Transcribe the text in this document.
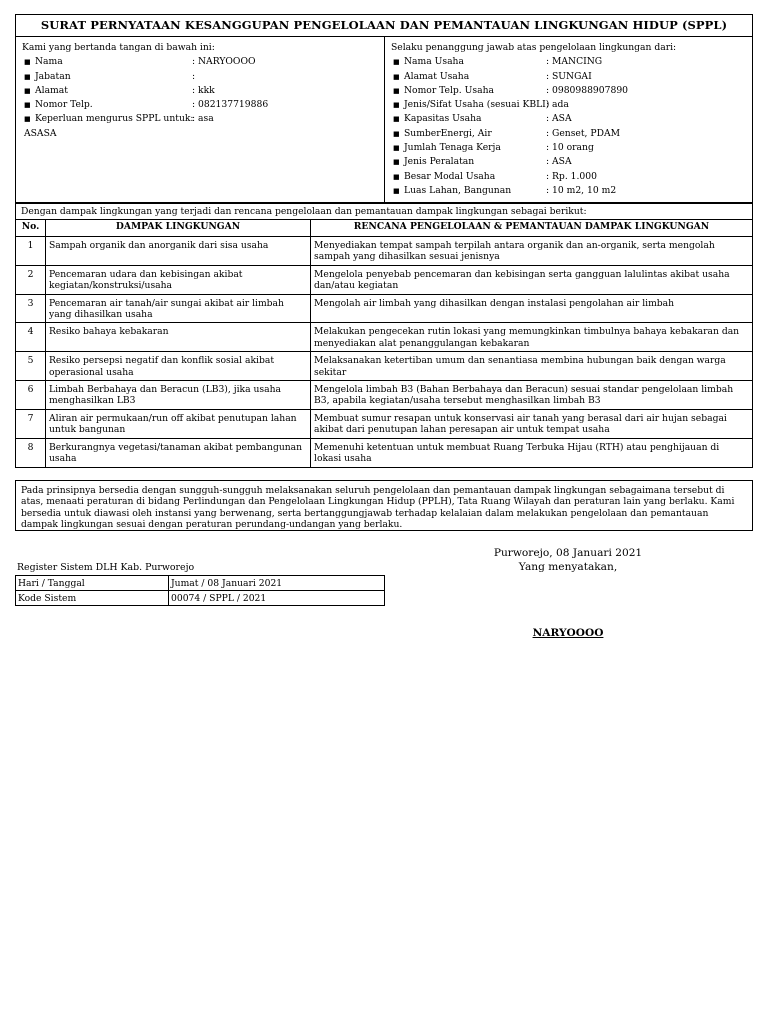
SURAT PERNYATAAN KESANGGUPAN PENGELOLAAN DAN PEMANTAUAN LINGKUNGAN HIDUP (SPPL)
Kami yang bertanda tangan di bawah ini:
■ Nama	: NARYOOOO
■ Jabatan	:
■ Alamat	: kkk
■ Nomor Telp.	: 082137719886
■ Keperluan mengurus SPPL untuk:
: asa
ASASA
Selaku penanggung jawab atas pengelolaan lingkungan dari:
■ Nama Usaha	: MANCING
■ Alamat Usaha	: SUNGAI
■ Nomor Telp. Usaha	: 0980988907890
■ Jenis/Sifat Usaha (sesuai KBLI)
: ada
■ Kapasitas Usaha	: ASA
■ SumberEnergi, Air	: Genset, PDAM
■ Jumlah Tenaga Kerja	: 10 orang
■ Jenis Peralatan	: ASA
■ Besar Modal Usaha	: Rp. 1.000
■ Luas Lahan, Bangunan	: 10 m2, 10 m2
Dengan dampak lingkungan yang terjadi dan rencana pengelolaan dan pemantauan dampak lingkungan sebagai berikut:
No.	DAMPAK LINGKUNGAN	RENCANA PENGELOLAAN & PEMANTAUAN DAMPAK LINGKUNGAN
1	Sampah organik dan anorganik dari sisa usaha	Menyediakan tempat sampah terpilah antara organik dan an-organik, serta mengolah sampah yang dihasilkan sesuai jenisnya
2	Pencemaran udara dan kebisingan akibat kegiatan/konstruksi/usaha	Mengelola penyebab pencemaran dan kebisingan serta gangguan lalulintas akibat usaha dan/atau kegiatan
3	Pencemaran air tanah/air sungai akibat air limbah yang dihasilkan usaha	Mengolah air limbah yang dihasilkan dengan instalasi pengolahan air limbah
4	Resiko bahaya kebakaran	Melakukan pengecekan rutin lokasi yang memungkinkan timbulnya bahaya kebakaran dan menyediakan alat penanggulangan kebakaran
5	Resiko persepsi negatif dan konflik sosial akibat operasional usaha	Melaksanakan ketertiban umum dan senantiasa membina hubungan baik dengan warga sekitar
6	Limbah Berbahaya dan Beracun (LB3), jika usaha menghasilkan LB3	Mengelola limbah B3 (Bahan Berbahaya dan Beracun) sesuai standar pengelolaan limbah B3, apabila kegiatan/usaha tersebut menghasilkan limbah B3
7	Aliran air permukaan/run off akibat penutupan lahan untuk bangunan	Membuat sumur resapan untuk konservasi air tanah yang berasal dari air hujan sebagai akibat dari penutupan lahan peresapan air untuk tempat usaha
8	Berkurangnya vegetasi/tanaman akibat pembangunan usaha	Memenuhi ketentuan untuk membuat Ruang Terbuka Hijau (RTH) atau penghijauan di lokasi usaha
Pada prinsipnya bersedia dengan sungguh-sungguh melaksanakan seluruh pengelolaan dan pemantauan dampak lingkungan sebagaimana tersebut di atas, menaati peraturan di bidang Perlindungan dan Pengelolaan Lingkungan Hidup (PPLH), Tata Ruang Wilayah dan peraturan lain yang berlaku. Kami bersedia untuk diawasi oleh instansi yang berwenang, serta bertanggungjawab terhadap kelalaian dalam melakukan pengelolaan dan pemantauan dampak lingkungan sesuai dengan peraturan perundang-undangan yang berlaku.
Register Sistem DLH Kab. Purworejo
Hari / Tanggal	Jumat / 08 Januari 2021
Kode Sistem	00074 / SPPL / 2021
Purworejo, 08 Januari 2021
Yang menyatakan,
NARYOOOO
